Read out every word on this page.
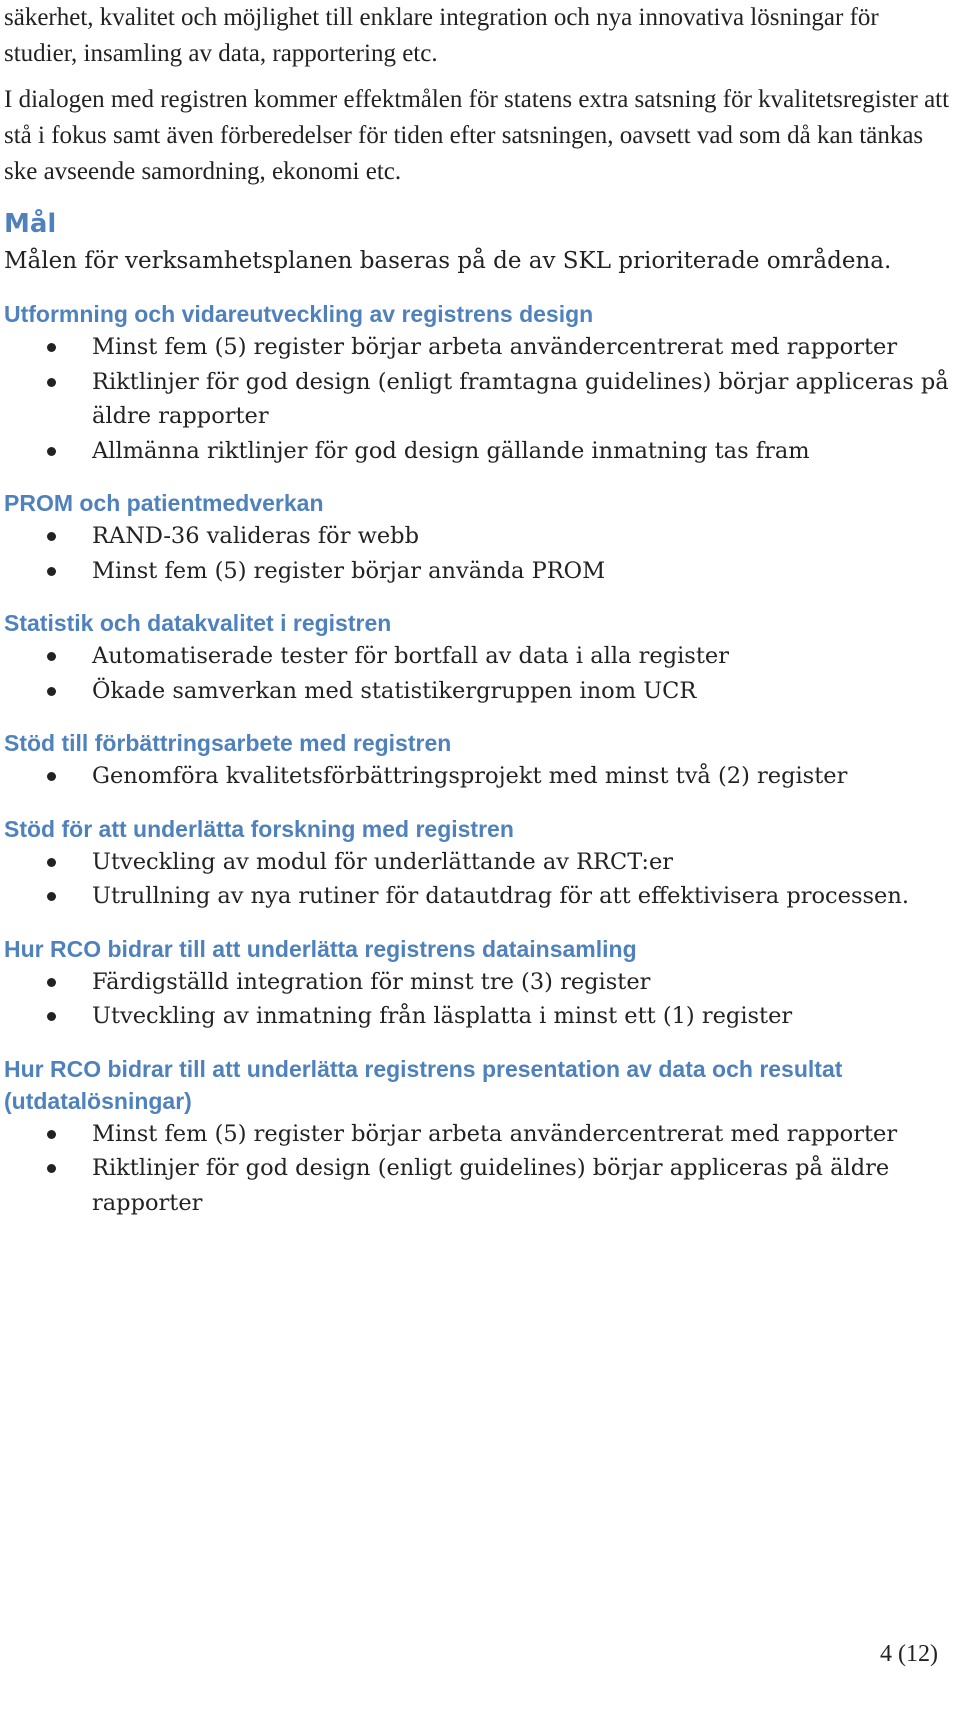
säkerhet, kvalitet och möjlighet till enklare integration och nya innovativa lösningar för studier, insamling av data, rapportering etc.

I dialogen med registren kommer effektmålen för statens extra satsning för kvalitetsregister att stå i fokus samt även förberedelser för tiden efter satsningen, oavsett vad som då kan tänkas ske avseende samordning, ekonomi etc.

Mål

Målen för verksamhetsplanen baseras på de av SKL prioriterade områdena.

Utformning och vidareutveckling av registrens design
Minst fem (5) register börjar arbeta användercentrerat med rapporter
Riktlinjer för god design (enligt framtagna guidelines) börjar appliceras på äldre rapporter
Allmänna riktlinjer för god design gällande inmatning tas fram
PROM och patientmedverkan
RAND-36 valideras för webb
Minst fem (5) register börjar använda PROM
Statistik och datakvalitet i registren
Automatiserade tester för bortfall av data i alla register
Ökade samverkan med statistikergruppen inom UCR
Stöd till förbättringsarbete med registren
Genomföra kvalitetsförbättringsprojekt med minst två (2) register
Stöd för att underlätta forskning med registren
Utveckling av modul för underlättande av RRCT:er
Utrullning av nya rutiner för datautdrag för att effektivisera processen.
Hur RCO bidrar till att underlätta registrens datainsamling
Färdigställd integration för minst tre (3) register
Utveckling av inmatning från läsplatta i minst ett (1) register
Hur RCO bidrar till att underlätta registrens presentation av data och resultat (utdatalösningar)
Minst fem (5) register börjar arbeta användercentrerat med rapporter
Riktlinjer för god design (enligt guidelines) börjar appliceras på äldre rapporter
4 (12)
